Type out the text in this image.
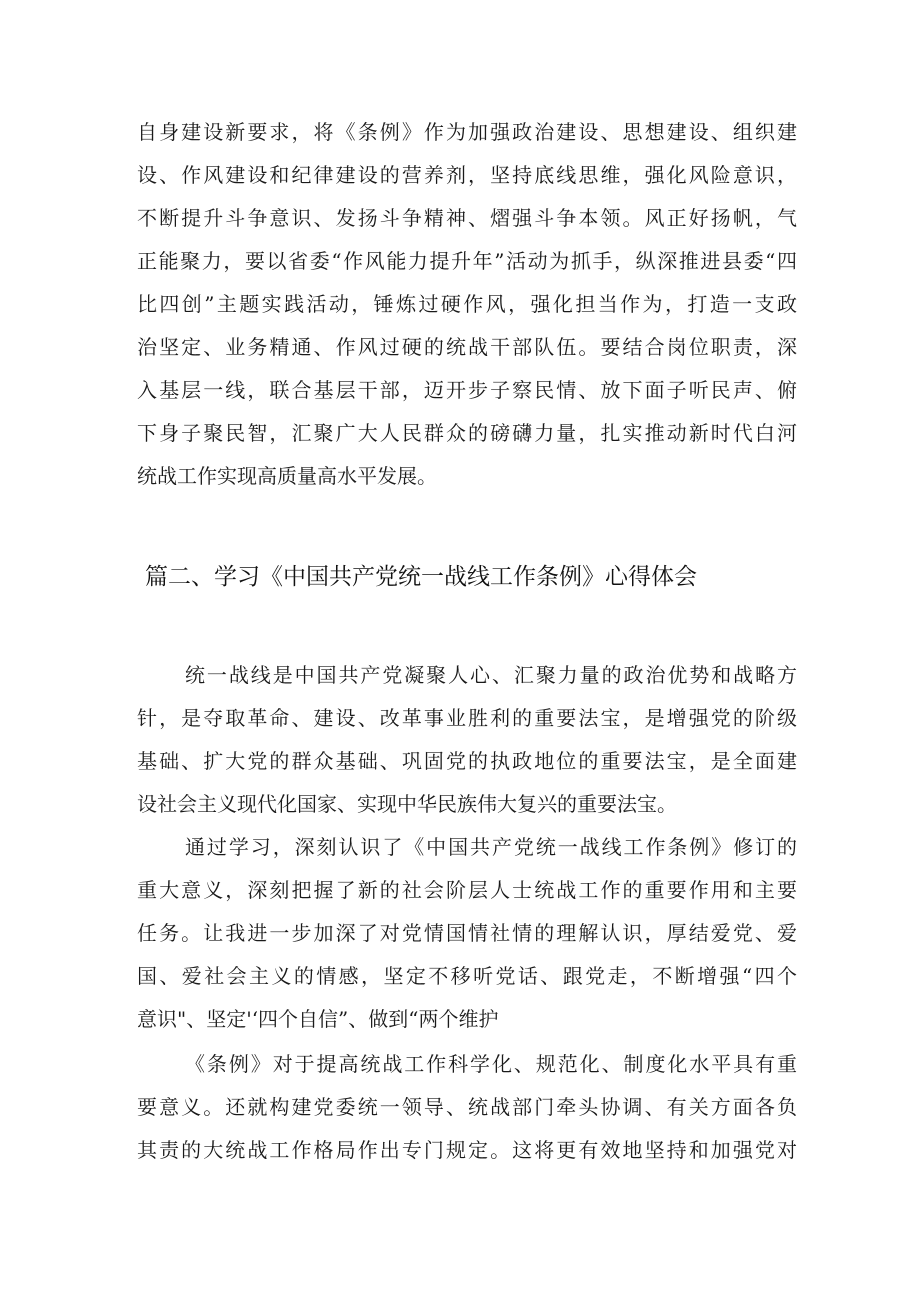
自身建设新要求，将《条例》作为加强政治建设、思想建设、组织建
设、作风建设和纪律建设的营养剂，坚持底线思维，强化风险意识，
不断提升斗争意识、发扬斗争精神、熠强斗争本领。风正好扬帆，气
正能聚力，要以省委“作风能力提升年”活动为抓手，纵深推进县委“四
比四创”主题实践活动，锤炼过硬作风，强化担当作为，打造一支政
治坚定、业务精通、作风过硬的统战干部队伍。要结合岗位职责，深
入基层一线，联合基层干部，迈开步子察民情、放下面子听民声、俯
下身子聚民智，汇聚广大人民群众的磅礴力量，扎实推动新时代白河
统战工作实现高质量高水平发展。
篇二、学习《中国共产党统一战线工作条例》心得体会
统一战线是中国共产党凝聚人心、汇聚力量的政治优势和战略方
针，是夺取革命、建设、改革事业胜利的重要法宝，是增强党的阶级
基础、扩大党的群众基础、巩固党的执政地位的重要法宝，是全面建
设社会主义现代化国家、实现中华民族伟大复兴的重要法宝。
通过学习，深刻认识了《中国共产党统一战线工作条例》修订的
重大意义，深刻把握了新的社会阶层人士统战工作的重要作用和主要
任务。让我进一步加深了对党情国情社情的理解认识，厚结爱党、爱
国、爱社会主义的情感，坚定不移听党话、跟党走，不断增强“四个
意识"、坚定'‘四个自信”、做到“两个维护
《条例》对于提高统战工作科学化、规范化、制度化水平具有重
要意义。还就构建党委统一领导、统战部门牵头协调、有关方面各负
其责的大统战工作格局作出专门规定。这将更有效地坚持和加强党对
